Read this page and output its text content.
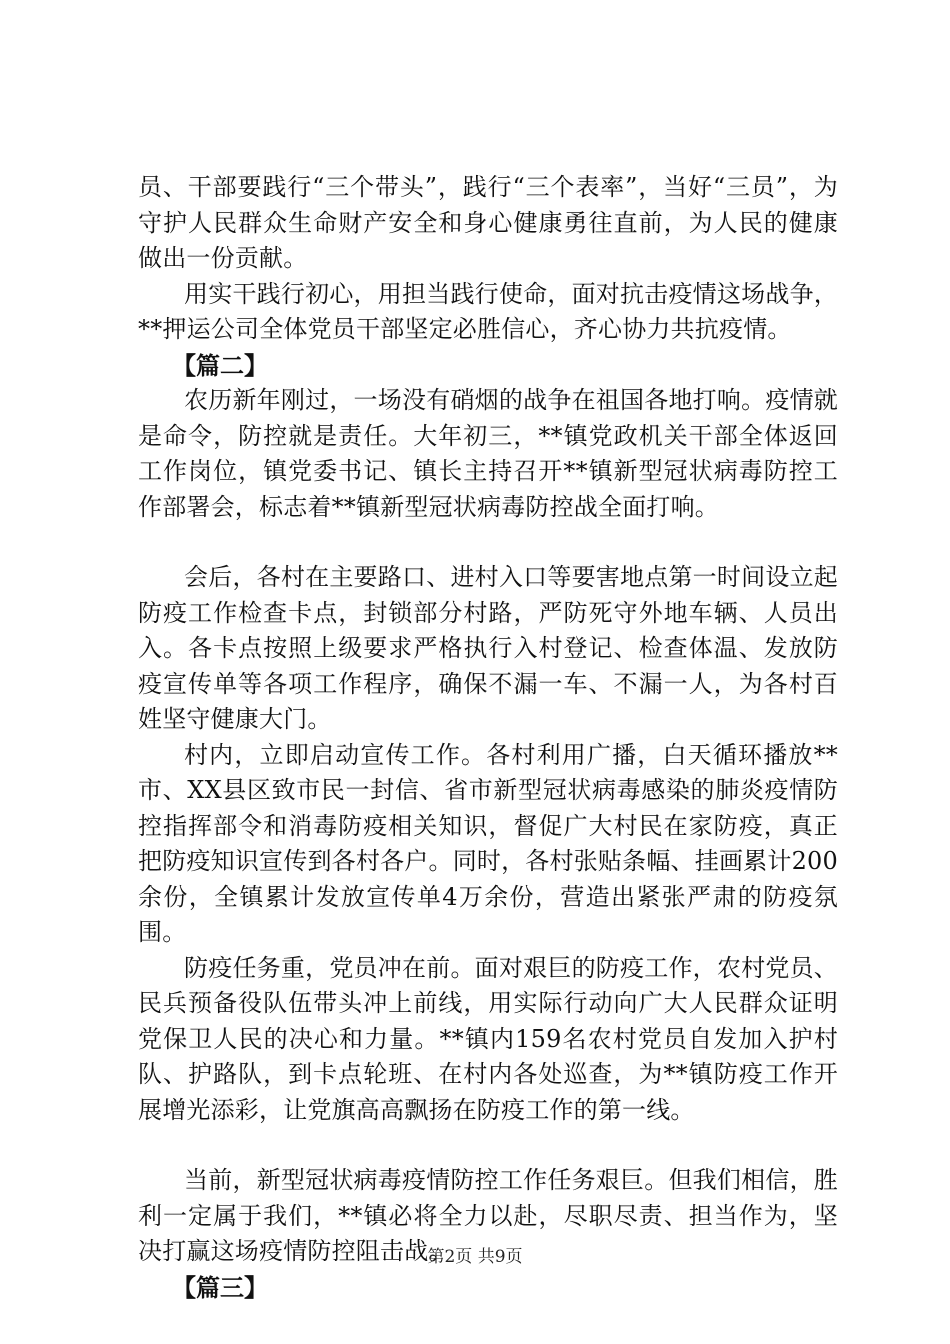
员、干部要践行“三个带头”，践行“三个表率”，当好“三员”，为守护人民群众生命财产安全和身心健康勇往直前，为人民的健康做出一份贡献。

用实干践行初心，用担当践行使命，面对抗击疫情这场战争，**押运公司全体党员干部坚定必胜信心，齐心协力共抗疫情。

【篇二】

农历新年刚过，一场没有硝烟的战争在祖国各地打响。疫情就是命令，防控就是责任。大年初三，**镇党政机关干部全体返回工作岗位，镇党委书记、镇长主持召开**镇新型冠状病毒防控工作部署会，标志着**镇新型冠状病毒防控战全面打响。

会后，各村在主要路口、进村入口等要害地点第一时间设立起防疫工作检查卡点，封锁部分村路，严防死守外地车辆、人员出入。各卡点按照上级要求严格执行入村登记、检查体温、发放防疫宣传单等各项工作程序，确保不漏一车、不漏一人，为各村百姓坚守健康大门。

村内，立即启动宣传工作。各村利用广播，白天循环播放**市、XX县区致市民一封信、省市新型冠状病毒感染的肺炎疫情防控指挥部令和消毒防疫相关知识，督促广大村民在家防疫，真正把防疫知识宣传到各村各户。同时，各村张贴条幅、挂画累计200余份，全镇累计发放宣传单4万余份，营造出紧张严肃的防疫氛围。

防疫任务重，党员冲在前。面对艰巨的防疫工作，农村党员、民兵预备役队伍带头冲上前线，用实际行动向广大人民群众证明党保卫人民的决心和力量。**镇内159名农村党员自发加入护村队、护路队，到卡点轮班、在村内各处巡查，为**镇防疫工作开展增光添彩，让党旗高高飘扬在防疫工作的第一线。

当前，新型冠状病毒疫情防控工作任务艰巨。但我们相信，胜利一定属于我们，**镇必将全力以赴，尽职尽责、担当作为，坚决打赢这场疫情防控阻击战。

【篇三】

第2页 共9页
